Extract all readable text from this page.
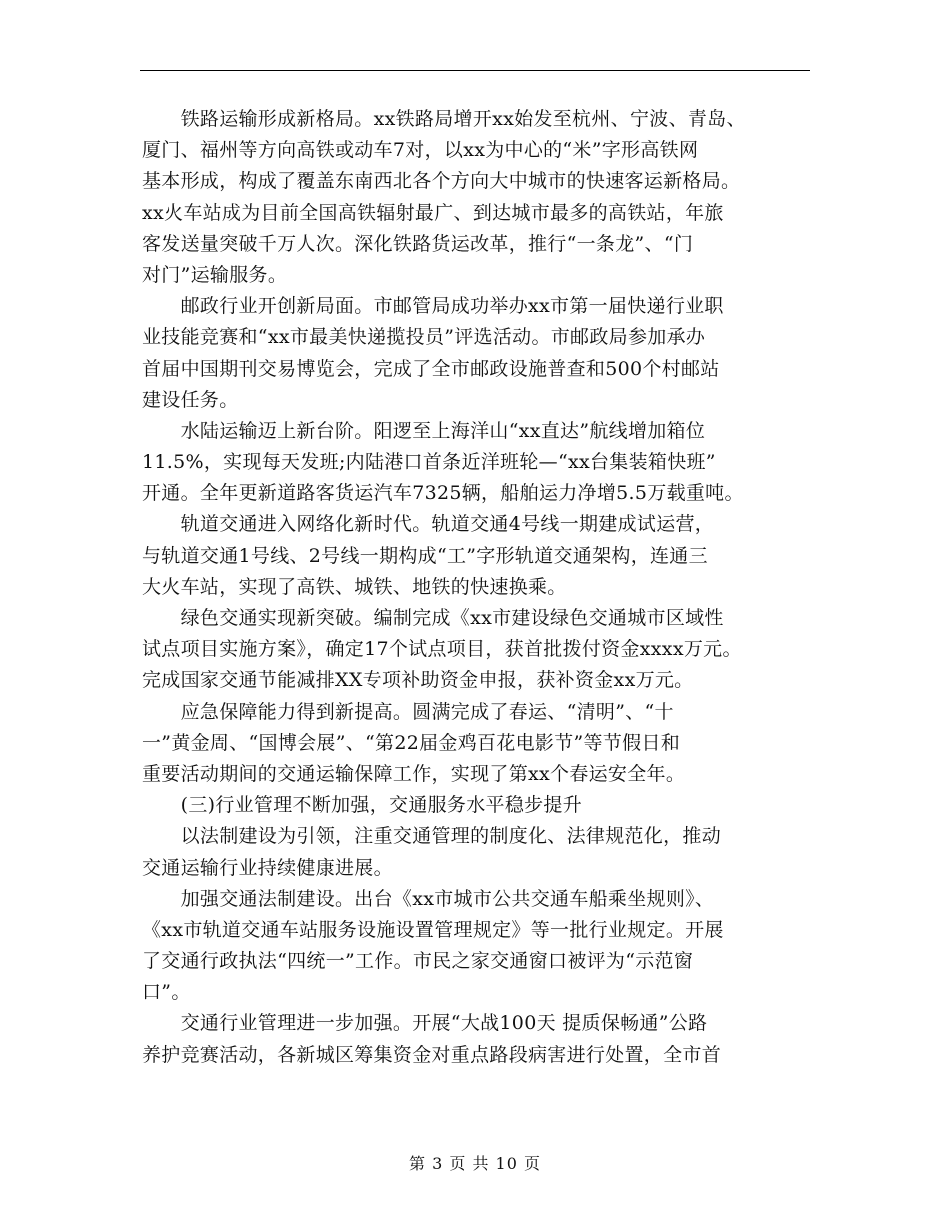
　　铁路运输形成新格局。xx铁路局增开xx始发至杭州、宁波、青岛、
厦门、福州等方向高铁或动车7对，以xx为中心的“米”字形高铁网
基本形成，构成了覆盖东南西北各个方向大中城市的快速客运新格局。
xx火车站成为目前全国高铁辐射最广、到达城市最多的高铁站，年旅
客发送量突破千万人次。深化铁路货运改革，推行“一条龙”、“门
对门”运输服务。
　　邮政行业开创新局面。市邮管局成功举办xx市第一届快递行业职
业技能竞赛和“xx市最美快递揽投员”评选活动。市邮政局参加承办
首届中国期刊交易博览会，完成了全市邮政设施普查和500个村邮站
建设任务。
　　水陆运输迈上新台阶。阳逻至上海洋山“xx直达”航线增加箱位
11.5%，实现每天发班;内陆港口首条近洋班轮—“xx台集装箱快班”
开通。全年更新道路客货运汽车7325辆，船舶运力净增5.5万载重吨。
　　轨道交通进入网络化新时代。轨道交通4号线一期建成试运营，
与轨道交通1号线、2号线一期构成“工”字形轨道交通架构，连通三
大火车站，实现了高铁、城铁、地铁的快速换乘。
　　绿色交通实现新突破。编制完成《xx市建设绿色交通城市区域性
试点项目实施方案》，确定17个试点项目，获首批拨付资金xxxx万元。
完成国家交通节能减排XX专项补助资金申报，获补资金xx万元。
　　应急保障能力得到新提高。圆满完成了春运、“清明”、“十
一”黄金周、“国博会展”、“第22届金鸡百花电影节”等节假日和
重要活动期间的交通运输保障工作，实现了第xx个春运安全年。
　　(三)行业管理不断加强，交通服务水平稳步提升
　　以法制建设为引领，注重交通管理的制度化、法律规范化，推动
交通运输行业持续健康进展。
　　加强交通法制建设。出台《xx市城市公共交通车船乘坐规则》、
《xx市轨道交通车站服务设施设置管理规定》等一批行业规定。开展
了交通行政执法“四统一”工作。市民之家交通窗口被评为“示范窗
口”。
　　交通行业管理进一步加强。开展“大战100天 提质保畅通”公路
养护竞赛活动，各新城区筹集资金对重点路段病害进行处置，全市首
第 3 页 共 10 页
